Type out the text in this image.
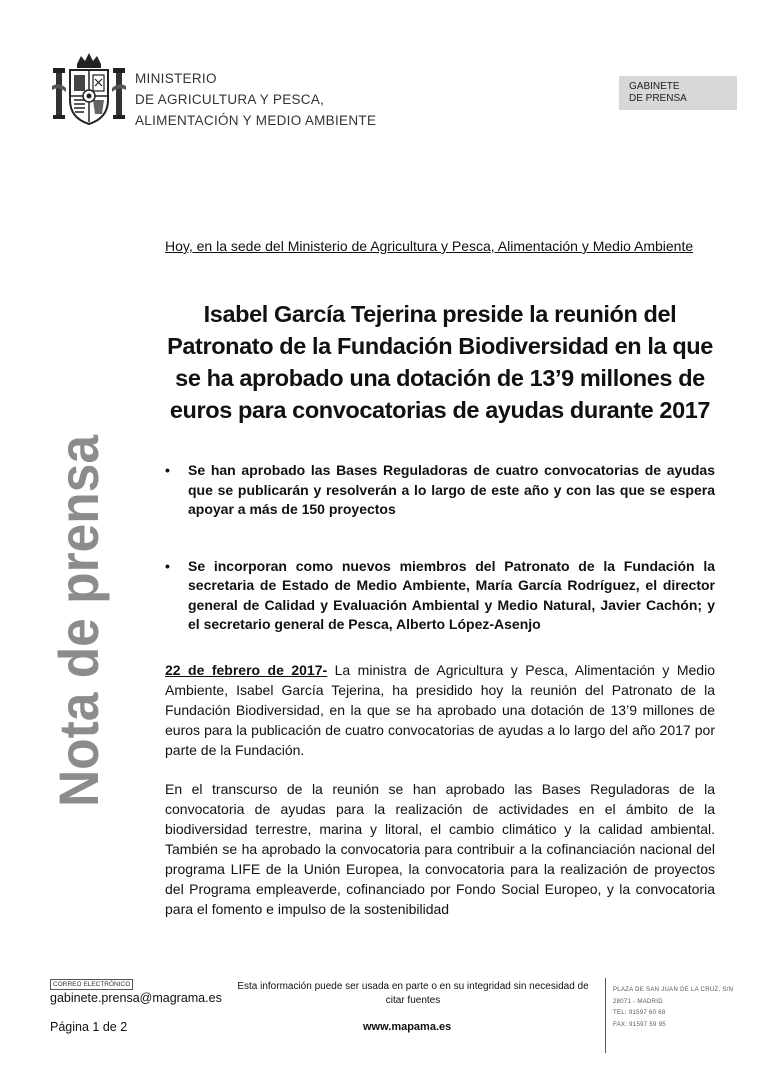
MINISTERIO
DE AGRICULTURA Y PESCA,
ALIMENTACIÓN Y MEDIO AMBIENTE
GABINETE
DE PRENSA
Nota de prensa
Hoy, en la sede del Ministerio de Agricultura y Pesca, Alimentación y Medio Ambiente
Isabel García Tejerina preside la reunión del Patronato de la Fundación Biodiversidad en la que se ha aprobado una dotación de 13’9 millones de euros para convocatorias de ayudas durante 2017
• Se han aprobado las Bases Reguladoras de cuatro convocatorias de ayudas que se publicarán y resolverán a lo largo de este año y con las que se espera apoyar a más de 150 proyectos
• Se incorporan como nuevos miembros del Patronato de la Fundación la secretaria de Estado de Medio Ambiente, María García Rodríguez, el director general de Calidad y Evaluación Ambiental y Medio Natural, Javier Cachón; y el secretario general de Pesca, Alberto López-Asenjo

22 de febrero de 2017- La ministra de Agricultura y Pesca, Alimentación y Medio Ambiente, Isabel García Tejerina, ha presidido hoy la reunión del Patronato de la Fundación Biodiversidad, en la que se ha aprobado una dotación de 13’9 millones de euros para la publicación de cuatro convocatorias de ayudas a lo largo del año 2017 por parte de la Fundación.

En el transcurso de la reunión se han aprobado las Bases Reguladoras de la convocatoria de ayudas para la realización de actividades en el ámbito de la biodiversidad terrestre, marina y litoral, el cambio climático y la calidad ambiental. También se ha aprobado la convocatoria para contribuir a la cofinanciación nacional del programa LIFE de la Unión Europea, la convocatoria para la realización de proyectos del Programa empleaverde, cofinanciado por Fondo Social Europeo, y la convocatoria para el fomento e impulso de la sostenibilidad

CORREO ELECTRÓNICO
gabinete.prensa@magrama.es
Esta información puede ser usada en parte o en su integridad sin necesidad de citar fuentes
Página 1 de 2	www.mapama.es
PLAZA DE SAN JUAN DE LA CRUZ, S/N
28071 - MADRID
TEL: 91597 60 68
FAX: 91597 59 95
